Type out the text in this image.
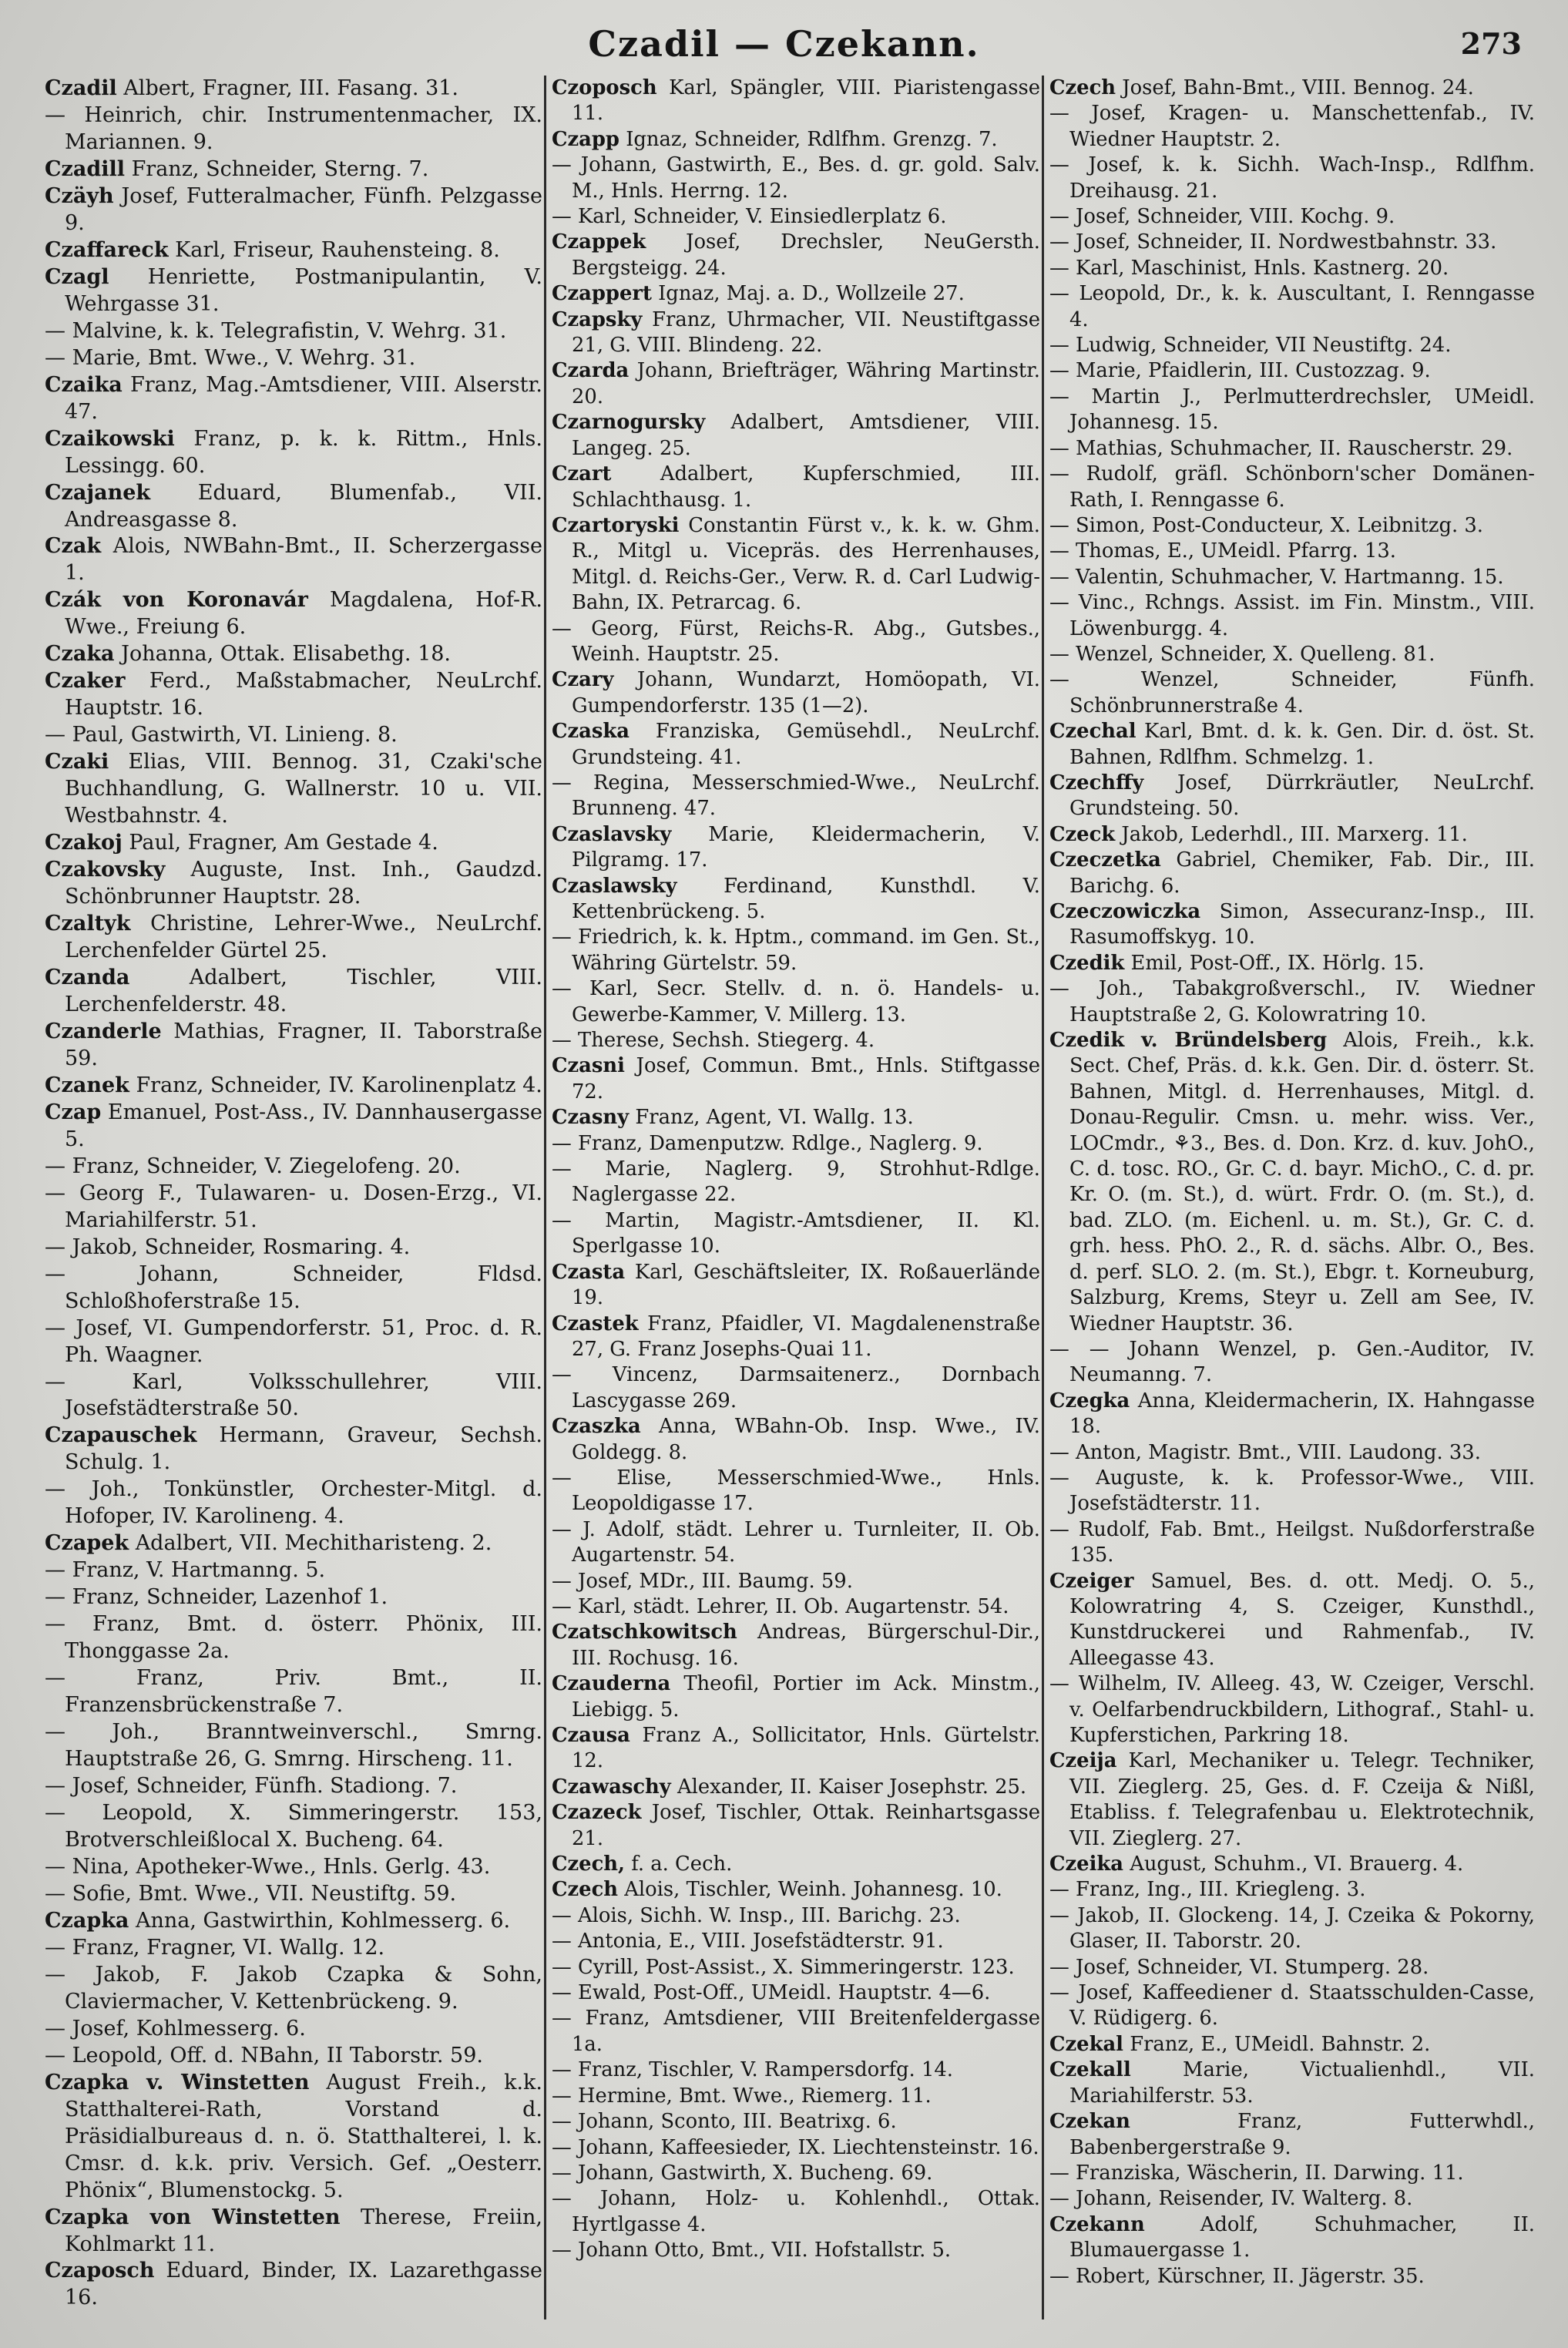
Czadil — Czekann.	273

Czadil Albert, Fragner, III. Fasang. 31.

— Heinrich, chir. Instrumentenmacher, IX. Mariannen. 9.

Czadill Franz, Schneider, Sterng. 7.

Czäyh Josef, Futteralmacher, Fünfh. Pelzgasse 9.

Czaffareck Karl, Friseur, Rauhensteing. 8.

Czagl Henriette, Postmanipulantin, V. Wehrgasse 31.

— Malvine, k. k. Telegrafistin, V. Wehrg. 31.

— Marie, Bmt. Wwe., V. Wehrg. 31.

Czaika Franz, Mag.-Amtsdiener, VIII. Alserstr. 47.

Czaikowski Franz, p. k. k. Rittm., Hnls. Lessingg. 60.

Czajanek Eduard, Blumenfab., VII. Andreasgasse 8.

Czak Alois, NWBahn-Bmt., II. Scherzergasse 1.

Czák von Koronavár Magdalena, Hof-R. Wwe., Freiung 6.

Czaka Johanna, Ottak. Elisabethg. 18.

Czaker Ferd., Maßstabmacher, NeuLrchf. Hauptstr. 16.

— Paul, Gastwirth, VI. Linieng. 8.

Czaki Elias, VIII. Bennog. 31, Czaki'sche Buchhandlung, G. Wallnerstr. 10 u. VII. Westbahnstr. 4.

Czakoj Paul, Fragner, Am Gestade 4.

Czakovsky Auguste, Inst. Inh., Gaudzd. Schönbrunner Hauptstr. 28.

Czaltyk Christine, Lehrer-Wwe., NeuLrchf. Lerchenfelder Gürtel 25.

Czanda	Adalbert, Tischler, VIII. Lerchenfelderstr. 48.

Czanderle Mathias, Fragner, II. Taborstraße 59.

Czanek Franz, Schneider, IV. Karolinenplatz 4.

Czap Emanuel, Post-Ass., IV. Dannhausergasse 5.

— Franz, Schneider, V. Ziegelofeng. 20.

— Georg F., Tulawaren- u. Dosen-Erzg., VI. Mariahilferstr. 51.

— Jakob, Schneider, Rosmaring. 4.

— Johann, Schneider, Fldsd. Schloßhoferstraße 15.

— Josef, VI. Gumpendorferstr. 51, Proc. d. R. Ph. Waagner.

— Karl, Volksschullehrer, VIII. Josefstädterstraße 50.

Czapauschek Hermann, Graveur, Sechsh. Schulg. 1.

— Joh., Tonkünstler, Orchester-Mitgl. d. Hofoper, IV. Karolineng. 4.

Czapek Adalbert, VII. Mechitharisteng. 2.

— Franz, V. Hartmanng. 5.

— Franz, Schneider, Lazenhof 1.

— Franz, Bmt. d. österr. Phönix, III. Thonggasse 2a.

— Franz, Priv. Bmt., II. Franzensbrückenstraße 7.

— Joh., Branntweinverschl., Smrng. Hauptstraße 26, G. Smrng. Hirscheng. 11.

— Josef, Schneider, Fünfh. Stadiong. 7.

— Leopold, X. Simmeringerstr. 153, Brotverschleißlocal X. Bucheng. 64.

— Nina, Apotheker-Wwe., Hnls. Gerlg. 43.

— Sofie, Bmt. Wwe., VII. Neustiftg. 59.

Czapka Anna, Gastwirthin, Kohlmesserg. 6.

— Franz, Fragner, VI. Wallg. 12.

— Jakob, F. Jakob Czapka & Sohn, Claviermacher, V. Kettenbrückeng. 9.

— Josef, Kohlmesserg. 6.

— Leopold, Off. d. NBahn, II Taborstr. 59.

Czapka v. Winstetten August Freih., k.k. Statthalterei-Rath, Vorstand d. Präsidialbureaus d. n. ö. Statthalterei, l. k. Cmsr. d. k.k. priv. Versich. Gef. „Oesterr. Phönix“, Blumenstockg. 5.

Czapka von Winstetten Therese, Freiin, Kohlmarkt 11.

Czaposch Eduard, Binder, IX. Lazarethgasse 16.

Czoposch Karl, Spängler, VIII. Piaristengasse 11.

Czapp Ignaz, Schneider, Rdlfhm. Grenzg. 7.

— Johann, Gastwirth, E., Bes. d. gr. gold. Salv. M., Hnls. Herrng. 12.

— Karl, Schneider, V. Einsiedlerplatz 6.

Czappek Josef, Drechsler, NeuGersth. Bergsteigg. 24.

Czappert Ignaz, Maj. a. D., Wollzeile 27.

Czapsky Franz, Uhrmacher, VII. Neustiftgasse 21, G. VIII. Blindeng. 22.

Czarda Johann, Briefträger, Währing Martinstr. 20.

Czarnogursky Adalbert, Amtsdiener, VIII. Langeg. 25.

Czart Adalbert, Kupferschmied, III. Schlachthausg. 1.

Czartoryski Constantin Fürst v., k. k. w. Ghm. R., Mitgl u. Vicepräs. des Herrenhauses, Mitgl. d. Reichs-Ger., Verw. R. d. Carl Ludwig-Bahn, IX. Petrarcag. 6.

— Georg, Fürst, Reichs-R. Abg., Gutsbes., Weinh. Hauptstr. 25.

Czary Johann, Wundarzt, Homöopath, VI. Gumpendorferstr. 135 (1—2).

Czaska Franziska, Gemüsehdl., NeuLrchf. Grundsteing. 41.

— Regina, Messerschmied-Wwe., NeuLrchf. Brunneng. 47.

Czaslavsky Marie, Kleidermacherin, V. Pilgramg. 17.

Czaslawsky Ferdinand, Kunsthdl. V. Kettenbrückeng. 5.

— Friedrich, k. k. Hptm., command. im Gen. St., Währing Gürtelstr. 59.

— Karl, Secr. Stellv. d. n. ö. Handels- u. Gewerbe-Kammer, V. Millerg. 13.

— Therese, Sechsh. Stiegerg. 4.

Czasni Josef, Commun. Bmt., Hnls. Stiftgasse 72.

Czasny Franz, Agent, VI. Wallg. 13.

— Franz, Damenputzw. Rdlge., Naglerg. 9.

— Marie, Naglerg. 9, Strohhut-Rdlge. Naglergasse 22.

— Martin, Magistr.-Amtsdiener, II. Kl. Sperlgasse 10.

Czasta Karl, Geschäftsleiter, IX. Roßauerlände 19.

Czastek Franz, Pfaidler, VI. Magdalenenstraße 27, G. Franz Josephs-Quai 11.

— Vincenz, Darmsaitenerz., Dornbach Lascygasse 269.

Czaszka Anna, WBahn-Ob. Insp. Wwe., IV. Goldegg. 8.

— Elise, Messerschmied-Wwe., Hnls. Leopoldigasse 17.

— J. Adolf, städt. Lehrer u. Turnleiter, II. Ob. Augartenstr. 54.

— Josef, MDr., III. Baumg. 59.

— Karl, städt. Lehrer, II. Ob. Augartenstr. 54.

Czatschkowitsch Andreas, Bürgerschul-Dir., III. Rochusg. 16.

Czauderna Theofil, Portier im Ack. Minstm., Liebigg. 5.

Czausa Franz A., Sollicitator, Hnls. Gürtelstr. 12.

Czawaschy Alexander, II. Kaiser Josephstr. 25.

Czazeck Josef, Tischler, Ottak. Reinhartsgasse 21.

Czech, f. a. Cech.

Czech Alois, Tischler, Weinh. Johannesg. 10.

— Alois, Sichh. W. Insp., III. Barichg. 23.

— Antonia, E., VIII. Josefstädterstr. 91.

— Cyrill, Post-Assist., X. Simmeringerstr. 123.

— Ewald, Post-Off., UMeidl. Hauptstr. 4—6.

— Franz, Amtsdiener, VIII Breitenfeldergasse 1a.

— Franz, Tischler, V. Rampersdorfg. 14.

— Hermine, Bmt. Wwe., Riemerg. 11.

— Johann, Sconto, III. Beatrixg. 6.

— Johann, Kaffeesieder, IX. Liechtensteinstr. 16.

— Johann, Gastwirth, X. Bucheng. 69.

— Johann, Holz- u. Kohlenhdl., Ottak. Hyrtlgasse 4.

— Johann Otto, Bmt., VII. Hofstallstr. 5.

Czech Josef, Bahn-Bmt., VIII. Bennog. 24.

— Josef, Kragen- u. Manschettenfab., IV. Wiedner Hauptstr. 2.

— Josef, k. k. Sichh. Wach-Insp., Rdlfhm. Dreihausg. 21.

— Josef, Schneider, VIII. Kochg. 9.

— Josef, Schneider, II. Nordwestbahnstr. 33.

— Karl, Maschinist, Hnls. Kastnerg. 20.

— Leopold, Dr., k. k. Auscultant, I. Renngasse 4.

— Ludwig, Schneider, VII Neustiftg. 24.

— Marie, Pfaidlerin, III. Custozzag. 9.

— Martin J., Perlmutterdrechsler, UMeidl. Johannesg. 15.

— Mathias, Schuhmacher, II. Rauscherstr. 29.

— Rudolf, gräfl. Schönborn'scher Domänen-Rath, I. Renngasse 6.

— Simon, Post-Conducteur, X. Leibnitzg. 3.

— Thomas, E., UMeidl. Pfarrg. 13.

— Valentin, Schuhmacher, V. Hartmanng. 15.

— Vinc., Rchngs. Assist. im Fin. Minstm., VIII. Löwenburgg. 4.

— Wenzel, Schneider, X. Quelleng. 81.

— Wenzel, Schneider, Fünfh. Schönbrunnerstraße 4.

Czechal Karl, Bmt. d. k. k. Gen. Dir. d. öst. St. Bahnen, Rdlfhm. Schmelzg. 1.

Czechffy Josef, Dürrkräutler, NeuLrchf. Grundsteing. 50.

Czeck Jakob, Lederhdl., III. Marxerg. 11.

Czeczetka Gabriel, Chemiker, Fab. Dir., III. Barichg. 6.

Czeczowiczka Simon, Assecuranz-Insp., III. Rasumoffskyg. 10.

Czedik Emil, Post-Off., IX. Hörlg. 15.

— Joh., Tabakgroßverschl., IV. Wiedner Hauptstraße 2, G. Kolowratring 10.

Czedik v. Bründelsberg Alois, Freih., k.k. Sect. Chef, Präs. d. k.k. Gen. Dir. d. österr. St. Bahnen, Mitgl. d. Herrenhauses, Mitgl. d. Donau-Regulir. Cmsn. u. mehr. wiss. Ver., LOCmdr., ⚘3., Bes. d. Don. Krz. d. kuv. JohO., C. d. tosc. RO., Gr. C. d. bayr. MichO., C. d. pr. Kr. O. (m. St.), d. würt. Frdr. O. (m. St.), d. bad. ZLO. (m. Eichenl. u. m. St.), Gr. C. d. grh. hess. PhO. 2., R. d. sächs. Albr. O., Bes. d. perf. SLO. 2. (m. St.), Ebgr. t. Korneuburg, Salzburg, Krems, Steyr u. Zell am See, IV. Wiedner Hauptstr. 36.

— — Johann Wenzel, p. Gen.-Auditor, IV. Neumanng. 7.

Czegka Anna, Kleidermacherin, IX. Hahngasse 18.

— Anton, Magistr. Bmt., VIII. Laudong. 33.

— Auguste, k. k. Professor-Wwe., VIII. Josefstädterstr. 11.

— Rudolf, Fab. Bmt., Heilgst. Nußdorferstraße 135.

Czeiger Samuel, Bes. d. ott. Medj. O. 5., Kolowratring 4, S. Czeiger, Kunsthdl., Kunstdruckerei und Rahmenfab., IV. Alleegasse 43.

— Wilhelm, IV. Alleeg. 43, W. Czeiger, Verschl. v. Oelfarbendruckbildern, Lithograf., Stahl- u. Kupferstichen, Parkring 18.

Czeija Karl, Mechaniker u. Telegr. Techniker, VII. Zieglerg. 25, Ges. d. F. Czeija & Nißl, Etabliss. f. Telegrafenbau u. Elektrotechnik, VII. Zieglerg. 27.

Czeika August, Schuhm., VI. Brauerg. 4.

— Franz, Ing., III. Kriegleng. 3.

— Jakob, II. Glockeng. 14, J. Czeika & Pokorny, Glaser, II. Taborstr. 20.

— Josef, Schneider, VI. Stumperg. 28.

— Josef, Kaffeediener d. Staatsschulden-Casse, V. Rüdigerg. 6.

Czekal Franz, E., UMeidl. Bahnstr. 2.

Czekall	Marie, Victualienhdl., VII. Mariahilferstr. 53.

Czekan	Franz, Futterwhdl., Babenbergerstraße 9.

— Franziska, Wäscherin, II. Darwing. 11.

— Johann, Reisender, IV. Walterg. 8.

Czekann	Adolf, Schuhmacher, II. Blumauergasse 1.

— Robert, Kürschner, II. Jägerstr. 35.
